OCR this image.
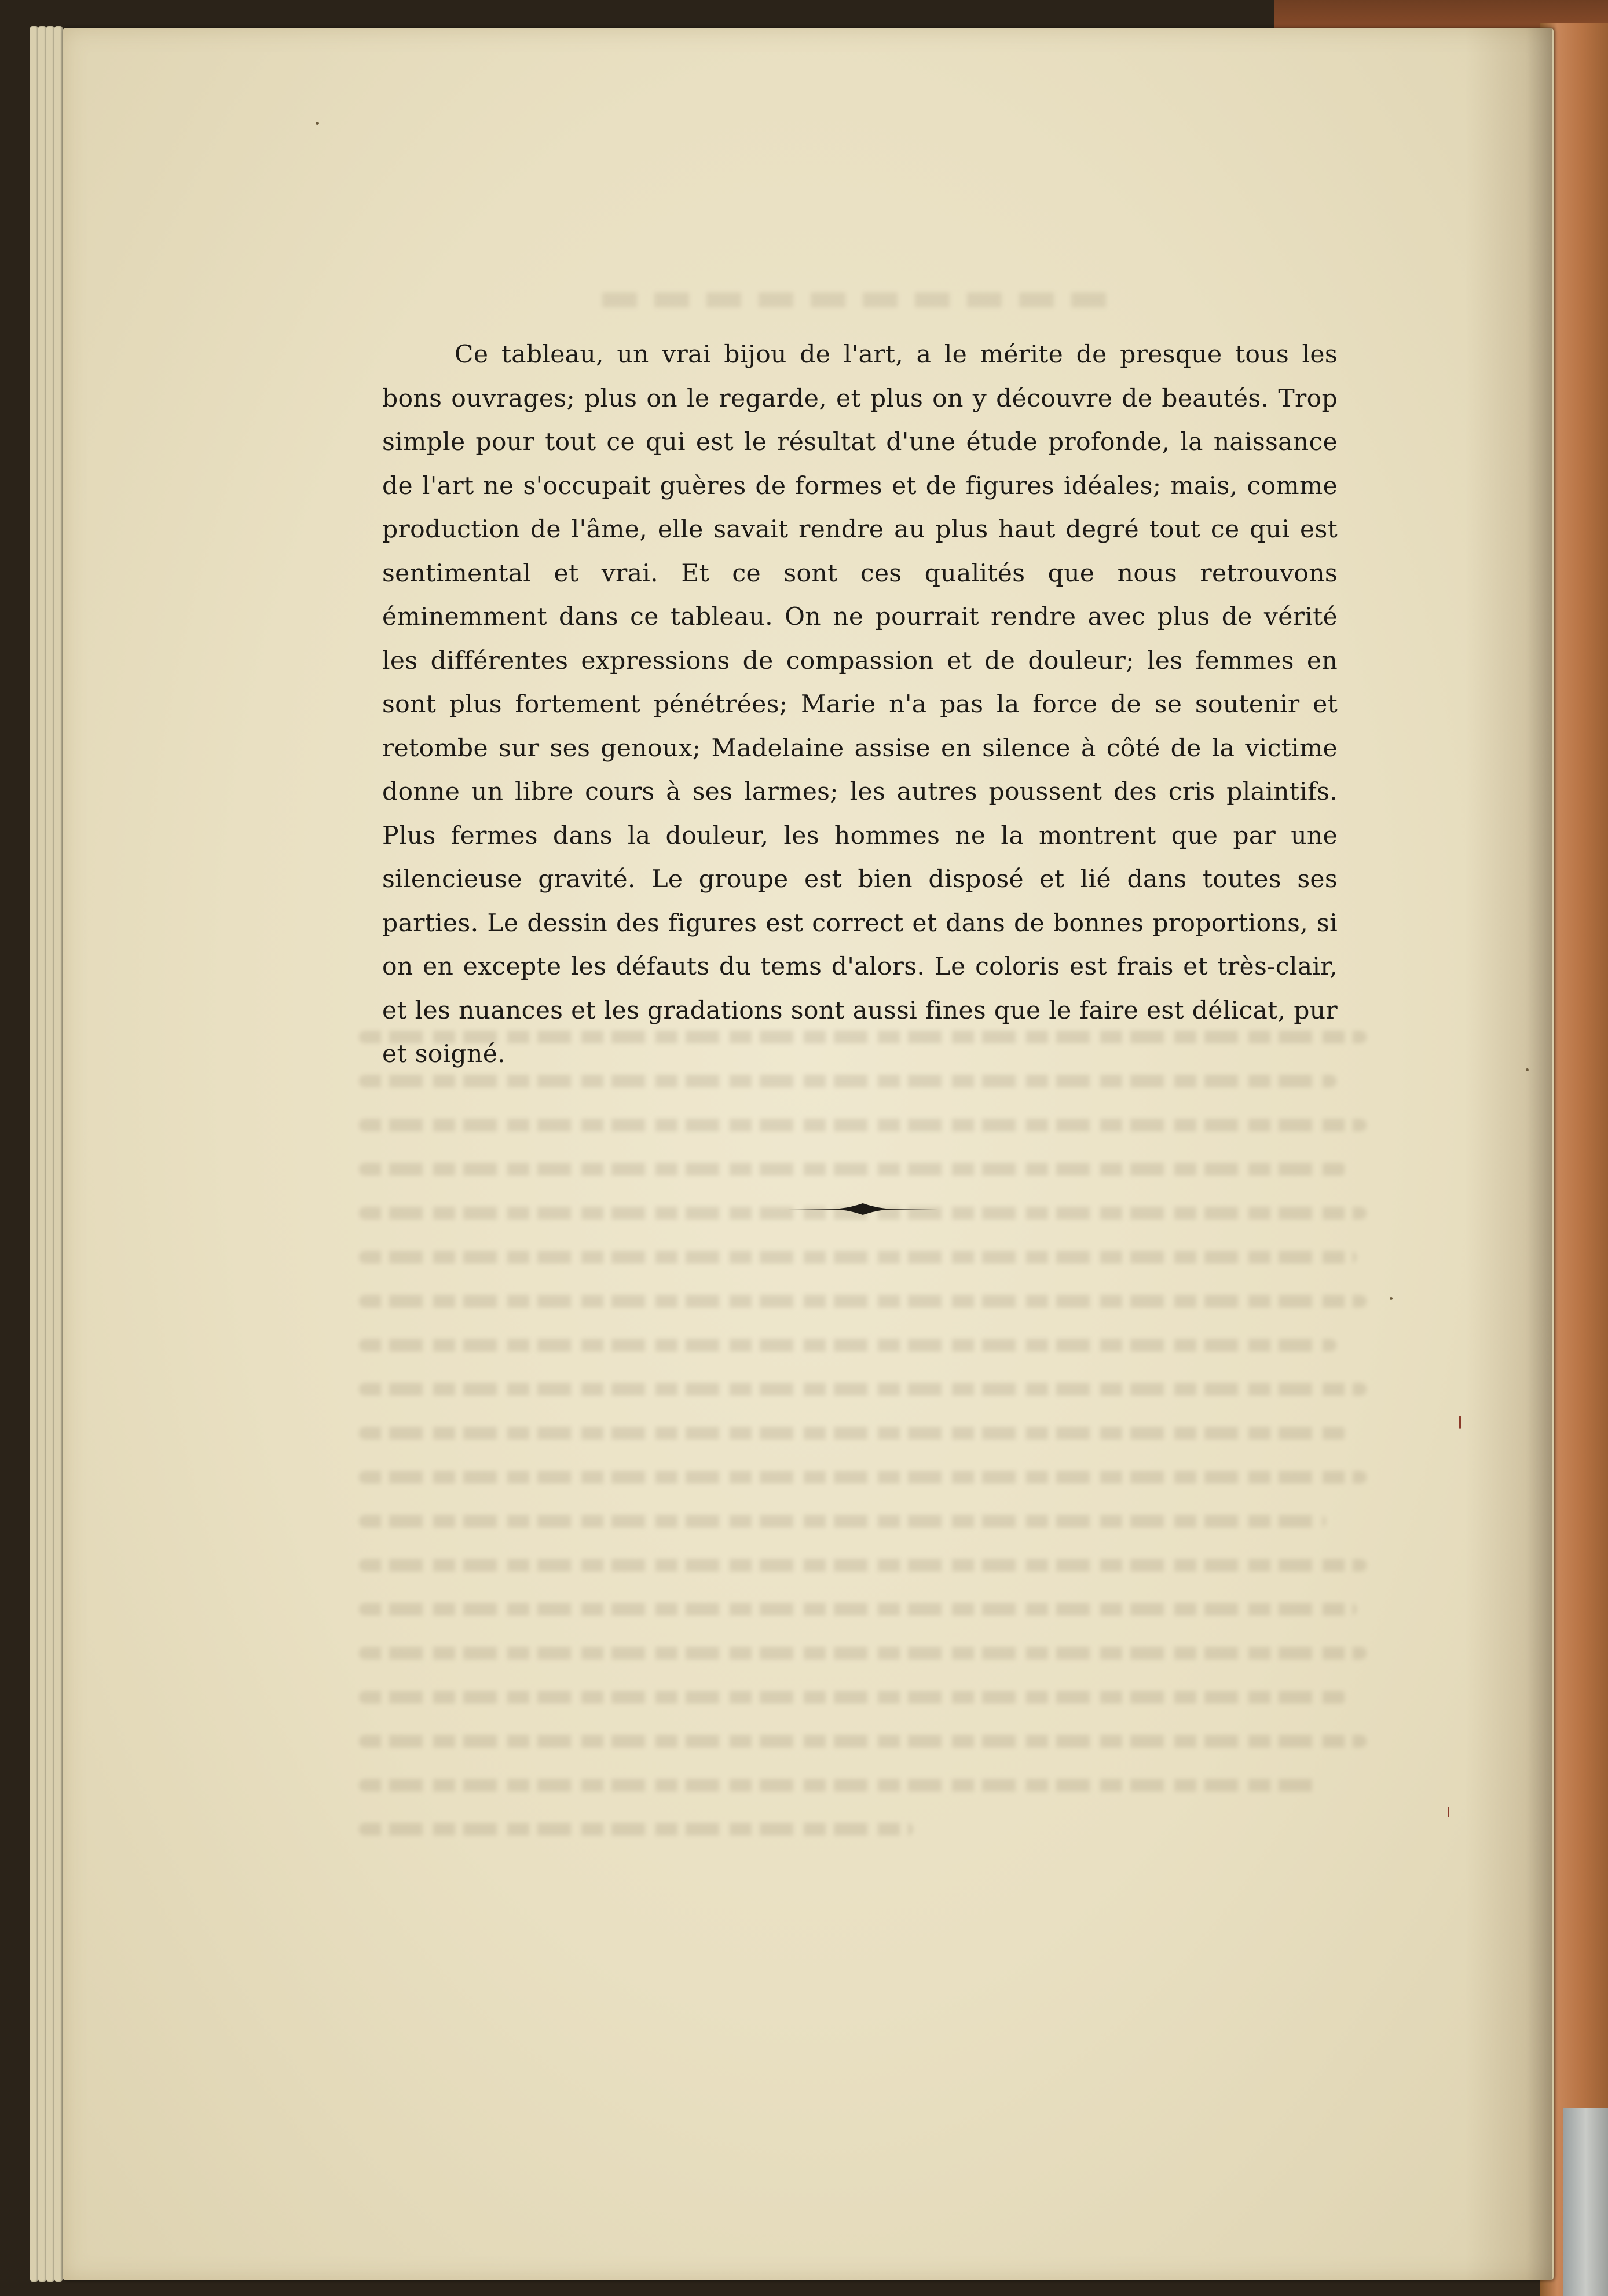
Ce tableau, un vrai bijou de l'art, a le mérite de presque tous les bons ouvrages; plus on le regarde, et plus on y découvre de beautés. Trop simple pour tout ce qui est le résultat d'une étude profonde, la naissance de l'art ne s'occupait guères de formes et de figures idéales; mais, comme production de l'âme, elle savait rendre au plus haut degré tout ce qui est sentimental et vrai. Et ce sont ces qualités que nous retrouvons éminemment dans ce tableau. On ne pourrait rendre avec plus de vérité les différentes expressions de compassion et de douleur; les femmes en sont plus fortement pénétrées; Marie n'a pas la force de se soutenir et retombe sur ses genoux; Madelaine assise en silence à côté de la victime donne un libre cours à ses larmes; les autres poussent des cris plaintifs. Plus fermes dans la douleur, les hommes ne la montrent que par une silencieuse gravité. Le groupe est bien disposé et lié dans toutes ses parties. Le dessin des figures est correct et dans de bonnes proportions, si on en excepte les défauts du tems d'alors. Le coloris est frais et très-clair, et les nuances et les gradations sont aussi fines que le faire est délicat, pur et soigné.
